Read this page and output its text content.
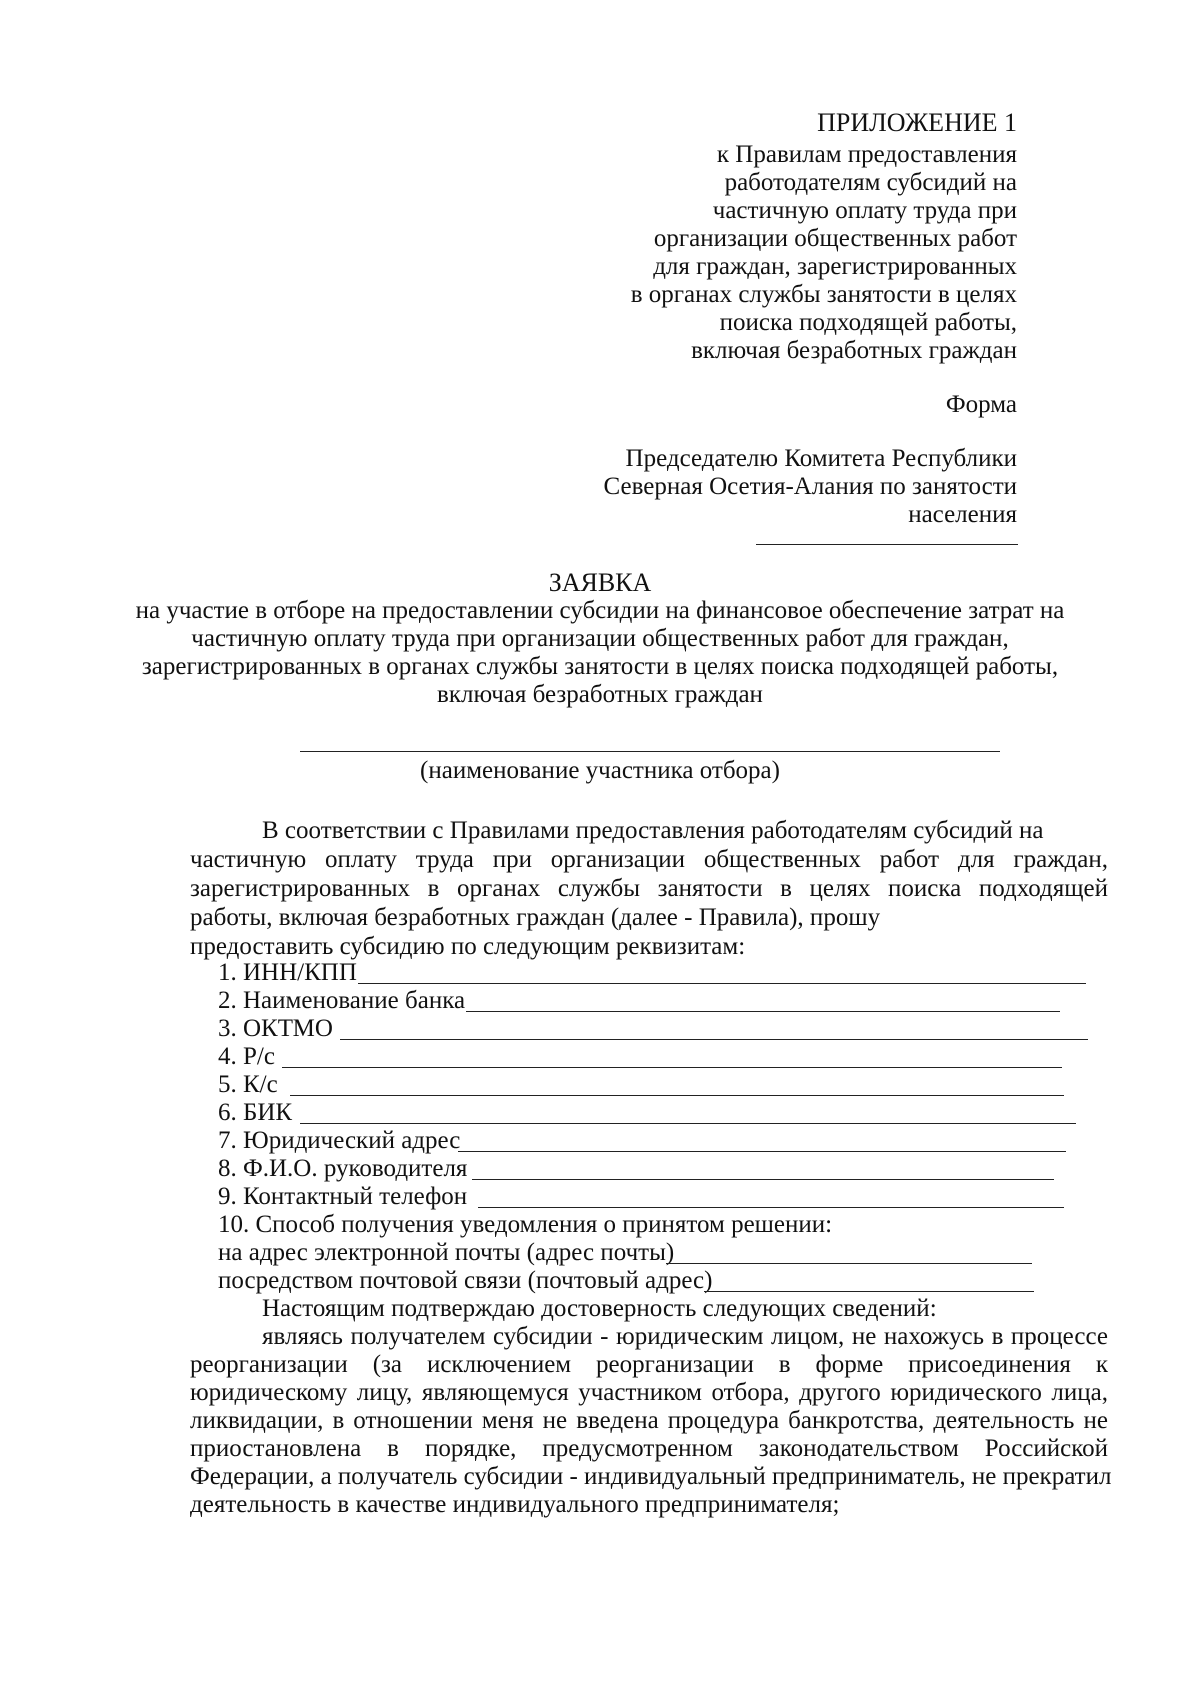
ПРИЛОЖЕНИЕ 1
к Правилам предоставления
работодателям субсидий на
частичную оплату труда при
организации общественных работ
для граждан, зарегистрированных
в органах службы занятости в целях
поиска подходящей работы,
включая безработных граждан
Форма
Председателю Комитета Республики
Северная Осетия-Алания по занятости
населения
ЗАЯВКА
на участие в отборе на предоставлении субсидии на финансовое обеспечение затрат на
частичную оплату труда при организации общественных работ для граждан,
зарегистрированных в органах службы занятости в целях поиска подходящей работы,
включая безработных граждан
(наименование участника отбора)
В соответствии с Правилами предоставления работодателям субсидий на
частичную оплату труда при организации общественных работ для граждан,
зарегистрированных в органах службы занятости в целях поиска подходящей
работы, включая безработных граждан (далее - Правила), прошу
предоставить субсидию по следующим реквизитам:
1. ИНН/КПП
2. Наименование банка
3. ОКТМО
4. Р/с
5. К/с
6. БИК
7. Юридический адрес
8. Ф.И.О. руководителя
9. Контактный телефон
10. Способ получения уведомления о принятом решении:
на адрес электронной почты (адрес почты)
посредством почтовой связи (почтовый адрес)
Настоящим подтверждаю достоверность следующих сведений:
являясь получателем субсидии - юридическим лицом, не нахожусь в процессе
реорганизации (за исключением реорганизации в форме присоединения к
юридическому лицу, являющемуся участником отбора, другого юридического лица,
ликвидации, в отношении меня не введена процедура банкротства, деятельность не
приостановлена в порядке, предусмотренном законодательством Российской
Федерации, а получатель субсидии - индивидуальный предприниматель, не прекратил
деятельность в качестве индивидуального предпринимателя;
